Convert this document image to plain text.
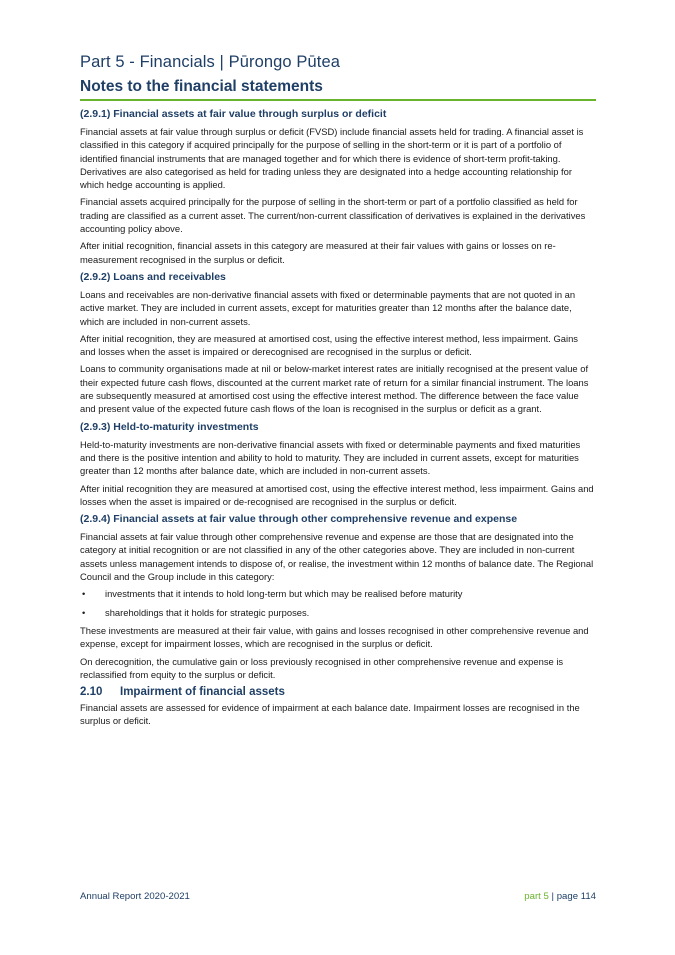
Part 5 - Financials | Pūrongo Pūtea
Notes to the financial statements
(2.9.1) Financial assets at fair value through surplus or deficit
Financial assets at fair value through surplus or deficit (FVSD) include financial assets held for trading. A financial asset is classified in this category if acquired principally for the purpose of selling in the short-term or it is part of a portfolio of identified financial instruments that are managed together and for which there is evidence of short-term profit-taking. Derivatives are also categorised as held for trading unless they are designated into a hedge accounting relationship for which hedge accounting is applied.
Financial assets acquired principally for the purpose of selling in the short-term or part of a portfolio classified as held for trading are classified as a current asset. The current/non-current classification of derivatives is explained in the derivatives accounting policy above.
After initial recognition, financial assets in this category are measured at their fair values with gains or losses on re-measurement recognised in the surplus or deficit.
(2.9.2) Loans and receivables
Loans and receivables are non-derivative financial assets with fixed or determinable payments that are not quoted in an active market. They are included in current assets, except for maturities greater than 12 months after the balance date, which are included in non-current assets.
After initial recognition, they are measured at amortised cost, using the effective interest method, less impairment. Gains and losses when the asset is impaired or derecognised are recognised in the surplus or deficit.
Loans to community organisations made at nil or below-market interest rates are initially recognised at the present value of their expected future cash flows, discounted at the current market rate of return for a similar financial instrument. The loans are subsequently measured at amortised cost using the effective interest method. The difference between the face value and present value of the expected future cash flows of the loan is recognised in the surplus or deficit as a grant.
(2.9.3) Held-to-maturity investments
Held-to-maturity investments are non-derivative financial assets with fixed or determinable payments and fixed maturities and there is the positive intention and ability to hold to maturity. They are included in current assets, except for maturities greater than 12 months after balance date, which are included in non-current assets.
After initial recognition they are measured at amortised cost, using the effective interest method, less impairment. Gains and losses when the asset is impaired or de-recognised are recognised in the surplus or deficit.
(2.9.4) Financial assets at fair value through other comprehensive revenue and expense
Financial assets at fair value through other comprehensive revenue and expense are those that are designated into the category at initial recognition or are not classified in any of the other categories above. They are included in non-current assets unless management intends to dispose of, or realise, the investment within 12 months of balance date. The Regional Council and the Group include in this category:
•	investments that it intends to hold long-term but which may be realised before maturity
•	shareholdings that it holds for strategic purposes.
These investments are measured at their fair value, with gains and losses recognised in other comprehensive revenue and expense, except for impairment losses, which are recognised in the surplus or deficit.
On derecognition, the cumulative gain or loss previously recognised in other comprehensive revenue and expense is reclassified from equity to the surplus or deficit.
2.10	Impairment of financial assets
Financial assets are assessed for evidence of impairment at each balance date. Impairment losses are recognised in the surplus or deficit.
Annual Report 2020-2021	part 5 | page 114
